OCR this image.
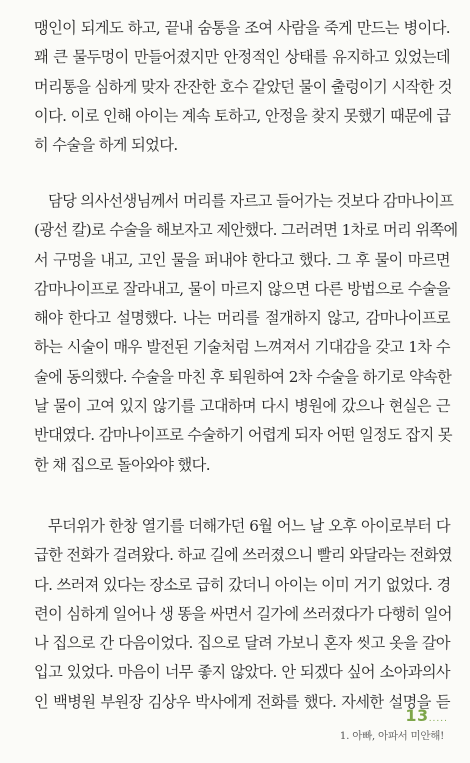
맹인이 되게도 하고, 끝내 숨통을 조여 사람을 죽게 만드는 병이다.
꽤 큰 물두멍이 만들어졌지만 안정적인 상태를 유지하고 있었는데
머리통을 심하게 맞자 잔잔한 호수 같았던 물이 출렁이기 시작한 것
이다. 이로 인해 아이는 계속 토하고, 안정을 찾지 못했기 때문에 급
히 수술을 하게 되었다.
담당 의사선생님께서 머리를 자르고 들어가는 것보다 감마나이프
(광선 칼)로 수술을 해보자고 제안했다. 그러려면 1차로 머리 위쪽에
서 구멍을 내고, 고인 물을 퍼내야 한다고 했다. 그 후 물이 마르면
감마나이프로 잘라내고, 물이 마르지 않으면 다른 방법으로 수술을
해야 한다고 설명했다. 나는 머리를 절개하지 않고, 감마나이프로
하는 시술이 매우 발전된 기술처럼 느껴져서 기대감을 갖고 1차 수
술에 동의했다. 수술을 마친 후 퇴원하여 2차 수술을 하기로 약속한
날 물이 고여 있지 않기를 고대하며 다시 병원에 갔으나 현실은 근
반대였다. 감마나이프로 수술하기 어렵게 되자 어떤 일정도 잡지 못
한 채 집으로 돌아와야 했다.
무더위가 한창 열기를 더해가던 6월 어느 날 오후 아이로부터 다
급한 전화가 걸려왔다. 하교 길에 쓰러졌으니 빨리 와달라는 전화였
다. 쓰러져 있다는 장소로 급히 갔더니 아이는 이미 거기 없었다. 경
련이 심하게 일어나 생 똥을 싸면서 길가에 쓰러졌다가 다행히 일어
나 집으로 간 다음이었다. 집으로 달려 가보니 혼자 씻고 옷을 갈아
입고 있었다. 마음이 너무 좋지 않았다. 안 되겠다 싶어 소아과의사
인 백병원 부원장 김상우 박사에게 전화를 했다. 자세한 설명을 듣
13.....
1. 아빠, 아파서 미안해!
